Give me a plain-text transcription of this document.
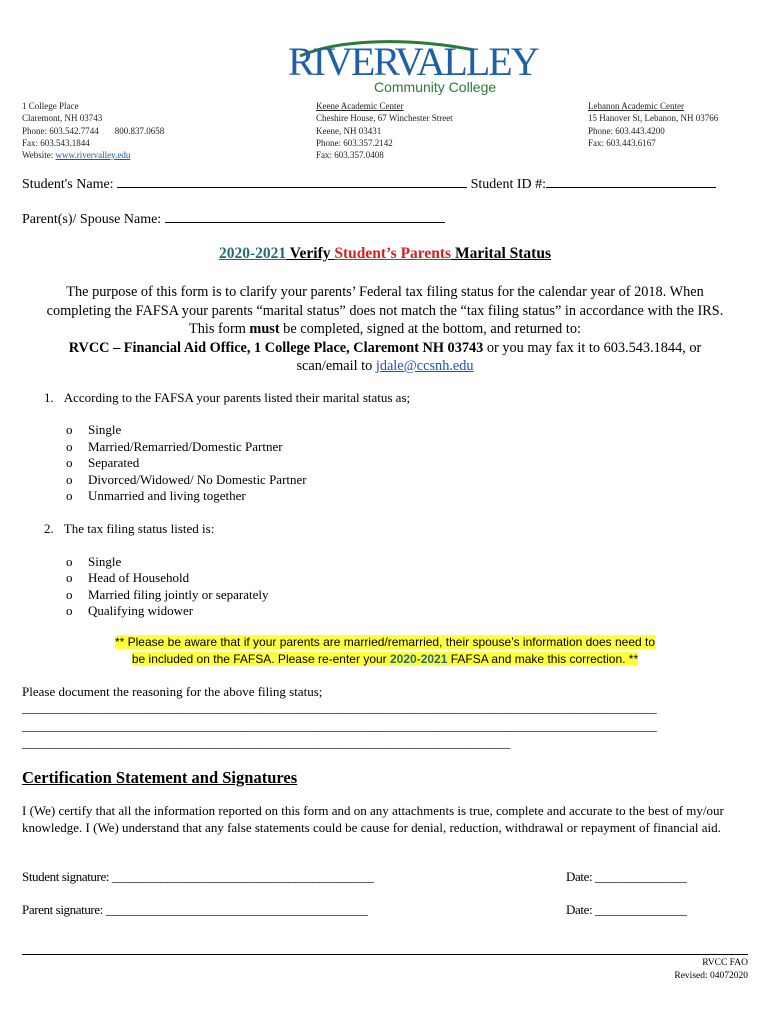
RIVERVALLEY
Community College
1 College Place
Claremont, NH 03743
Phone: 603.542.7744 800.837.0658
Fax: 603.543.1844
Website: www.rivervalley.edu
Keene Academic Center
Cheshire House, 67 Winchester Street
Keene, NH 03431
Phone: 603.357.2142
Fax: 603.357.0408
Lebanon Academic Center
15 Hanover St, Lebanon, NH 03766
Phone: 603.443.4200
Fax: 603.443.6167
Student's Name:	Student ID #:
Parent(s)/ Spouse Name:
2020-2021 Verify Student’s Parents Marital Status

The purpose of this form is to clarify your parents’ Federal tax filing status for the calendar year of 2018. When

completing the FAFSA your parents “marital status” does not match the “tax filing status” in accordance with the IRS.

This form must be completed, signed at the bottom, and returned to:

RVCC – Financial Aid Office, 1 College Place, Claremont NH 03743 or you may fax it to 603.543.1844, or

scan/email to jdale@ccsnh.edu

1. According to the FAFSA your parents listed their marital status as;
o Single
o Married/Remarried/Domestic Partner
o Separated
o Divorced/Widowed/ No Domestic Partner
o Unmarried and living together
2. The tax filing status listed is:
o Single
o Head of Household
o Married filing jointly or separately
o Qualifying widower
** Please be aware that if your parents are married/remarried, their spouse’s information does need to
be included on the FAFSA. Please re-enter your 2020-2021 FAFSA and make this correction. **
Please document the reasoning for the above filing status;
________________________________________________________________________________________________________
________________________________________________________________________________________________________
________________________________________________________________________________
Certification Statement and Signatures
I (We) certify that all the information reported on this form and on any attachments is true, complete and accurate to the best of my/our knowledge. I (We) understand that any false statements could be cause for denial, reduction, withdrawal or repayment of financial aid.
Student signature: ___________________________________________	Date: _______________
Parent signature: ___________________________________________	Date: _______________
RVCC FAO
Revised: 04072020
